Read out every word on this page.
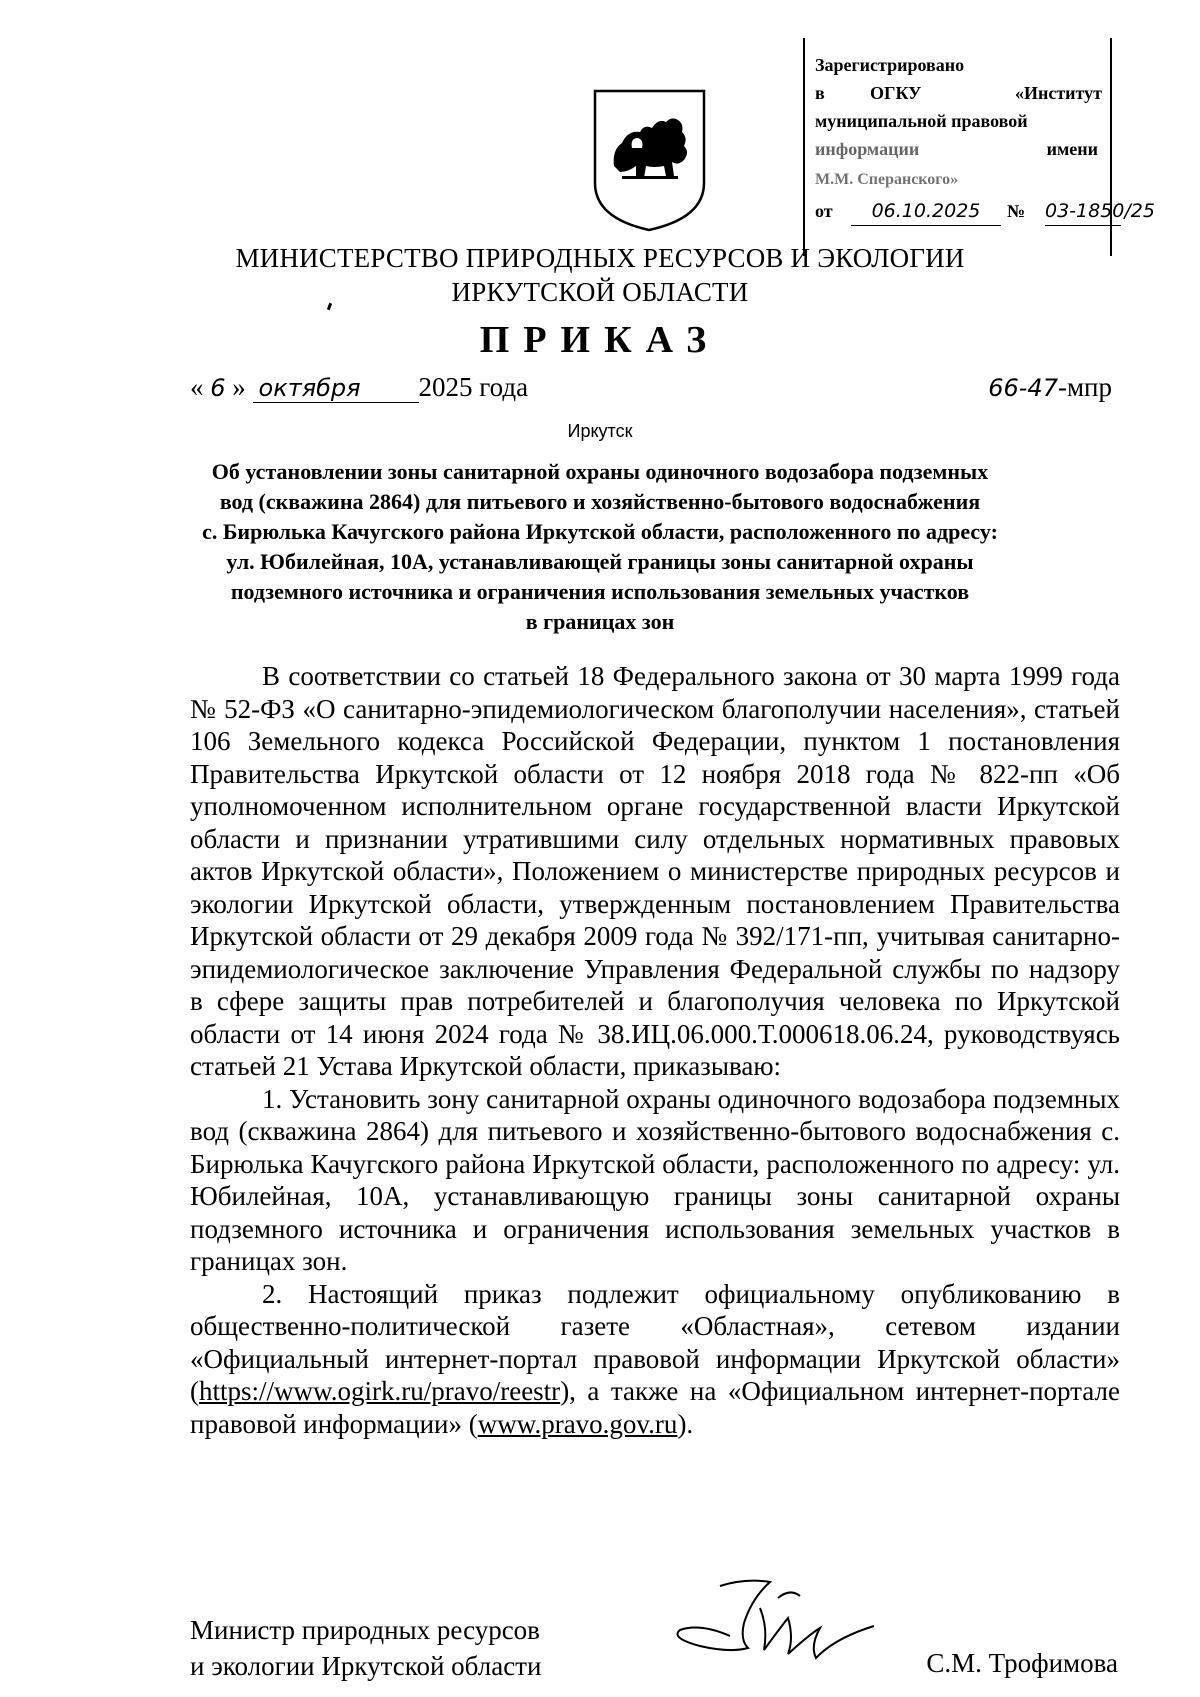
Зарегистрировано
в	ОГКУ	«Институт
муниципальной правовой
информации	имени
М.М. Сперанского»
от	06.10.2025	№ 03-1850/25
МИНИСТЕРСТВО ПРИРОДНЫХ РЕСУРСОВ И ЭКОЛОГИИ
ИРКУТСКОЙ ОБЛАСТИ
ПРИКАЗ
« 6 » октября 2025 года	66-47-мпр
Иркутск
Об установлении зоны санитарной охраны одиночного водозабора подземных
вод (скважина 2864) для питьевого и хозяйственно-бытового водоснабжения
с. Бирюлька Качугского района Иркутской области, расположенного по адресу:
ул. Юбилейная, 10А, устанавливающей границы зоны санитарной охраны
подземного источника и ограничения использования земельных участков
в границах зон

В соответствии со статьей 18 Федерального закона от 30 марта 1999 года № 52-ФЗ «О санитарно-эпидемиологическом благополучии населения», статьей 106 Земельного кодекса Российской Федерации, пунктом 1 постановления Правительства Иркутской области от 12 ноября 2018 года № 822-пп «Об уполномоченном исполнительном органе государственной власти Иркутской области и признании утратившими силу отдельных нормативных правовых актов Иркутской области», Положением о министерстве природных ресурсов и экологии Иркутской области, утвержденным постановлением Правительства Иркутской области от 29 декабря 2009 года № 392/171-пп, учитывая санитарно-эпидемиологическое заключение Управления Федеральной службы по надзору в сфере защиты прав потребителей и благополучия человека по Иркутской области от 14 июня 2024 года № 38.ИЦ.06.000.Т.000618.06.24, руководствуясь статьей 21 Устава Иркутской области, приказываю:

1. Установить зону санитарной охраны одиночного водозабора подземных вод (скважина 2864) для питьевого и хозяйственно-бытового водоснабжения с. Бирюлька Качугского района Иркутской области, расположенного по адресу: ул. Юбилейная, 10А, устанавливающую границы зоны санитарной охраны подземного источника и ограничения использования земельных участков в границах зон.

2. Настоящий приказ подлежит официальному опубликованию в общественно-политической газете «Областная», сетевом издании «Официальный интернет-портал правовой информации Иркутской области» (https://www.ogirk.ru/pravo/reestr), а также на «Официальном интернет-портале правовой информации» (www.pravo.gov.ru).

Министр природных ресурсов
и экологии Иркутской области	С.М. Трофимова
